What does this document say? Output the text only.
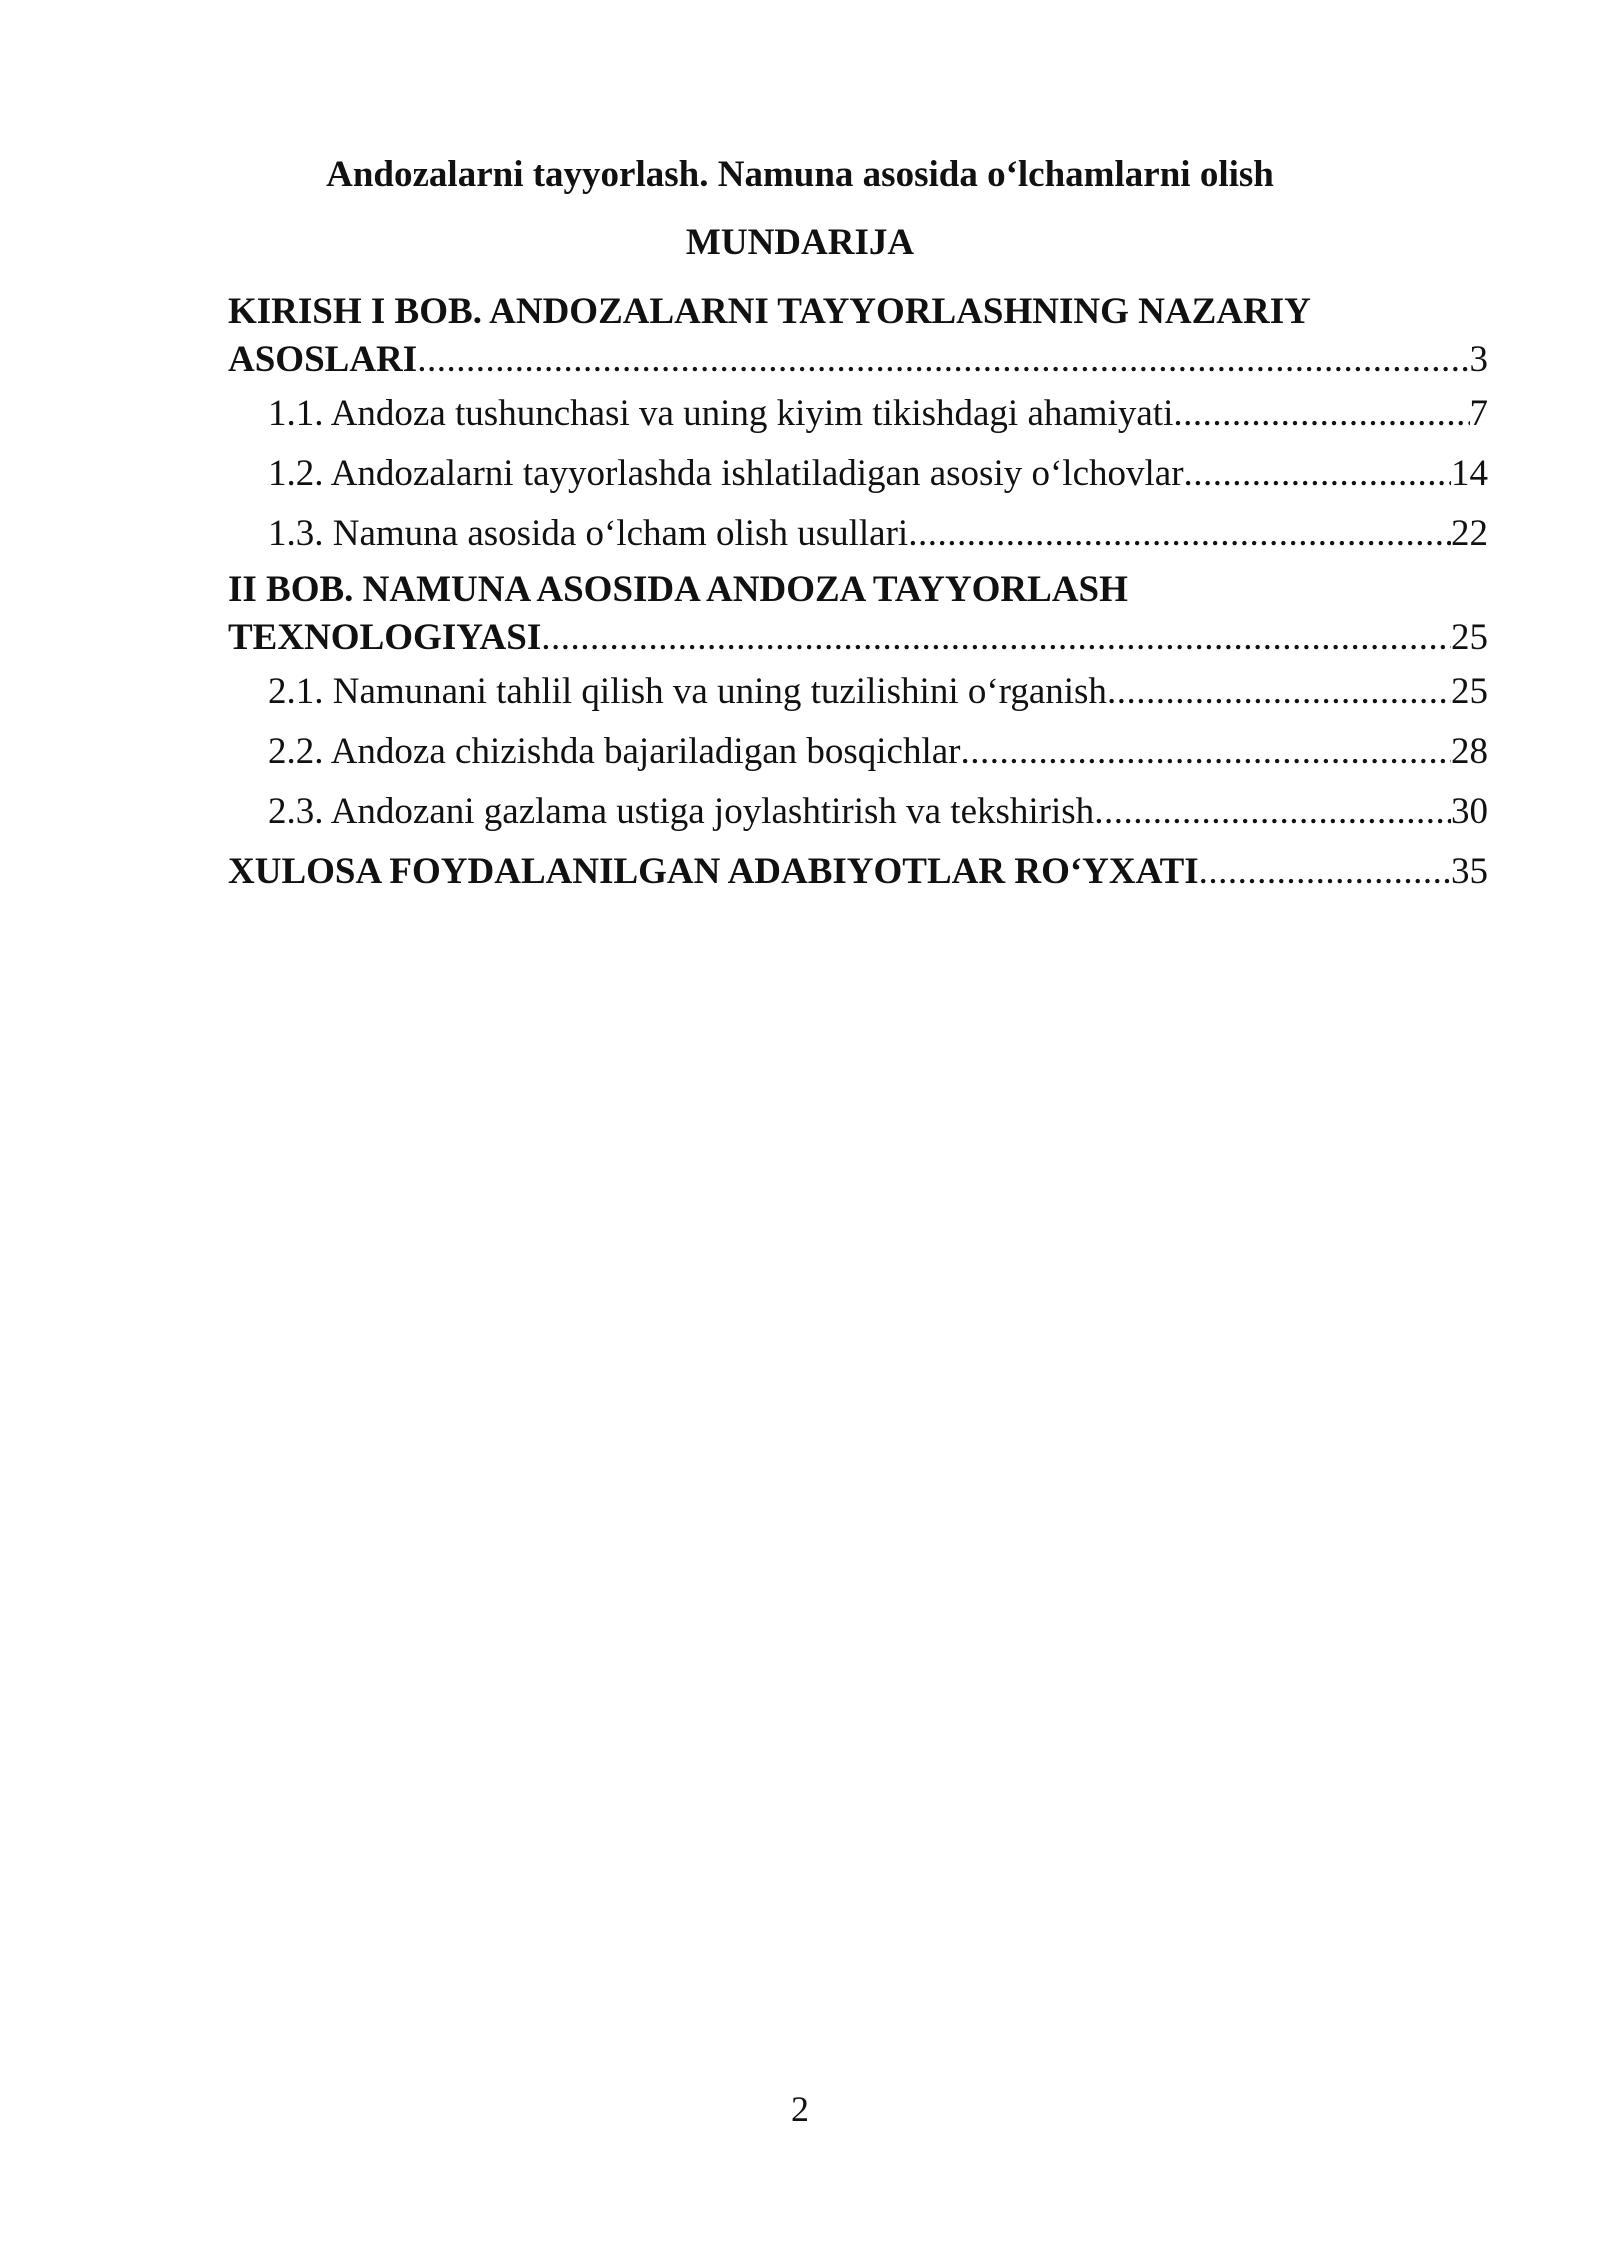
Andozalarni tayyorlash. Namuna asosida o‘lchamlarni olish
MUNDARIJA
KIRISH I BOB. ANDOZALARNI TAYYORLASHNING NAZARIY
ASOSLARI .....	3
1.1. Andoza tushunchasi va uning kiyim tikishdagi ahamiyati .....	7
1.2. Andozalarni tayyorlashda ishlatiladigan asosiy o‘lchovlar .....	14
1.3. Namuna asosida o‘lcham olish usullari .....	22
II BOB. NAMUNA ASOSIDA ANDOZA TAYYORLASH
TEXNOLOGIYASI .....	25
2.1. Namunani tahlil qilish va uning tuzilishini o‘rganish .....	25
2.2. Andoza chizishda bajariladigan bosqichlar .....	28
2.3. Andozani gazlama ustiga joylashtirish va tekshirish .....	30
XULOSA FOYDALANILGAN ADABIYOTLAR RO‘YXATI .....	35
2
